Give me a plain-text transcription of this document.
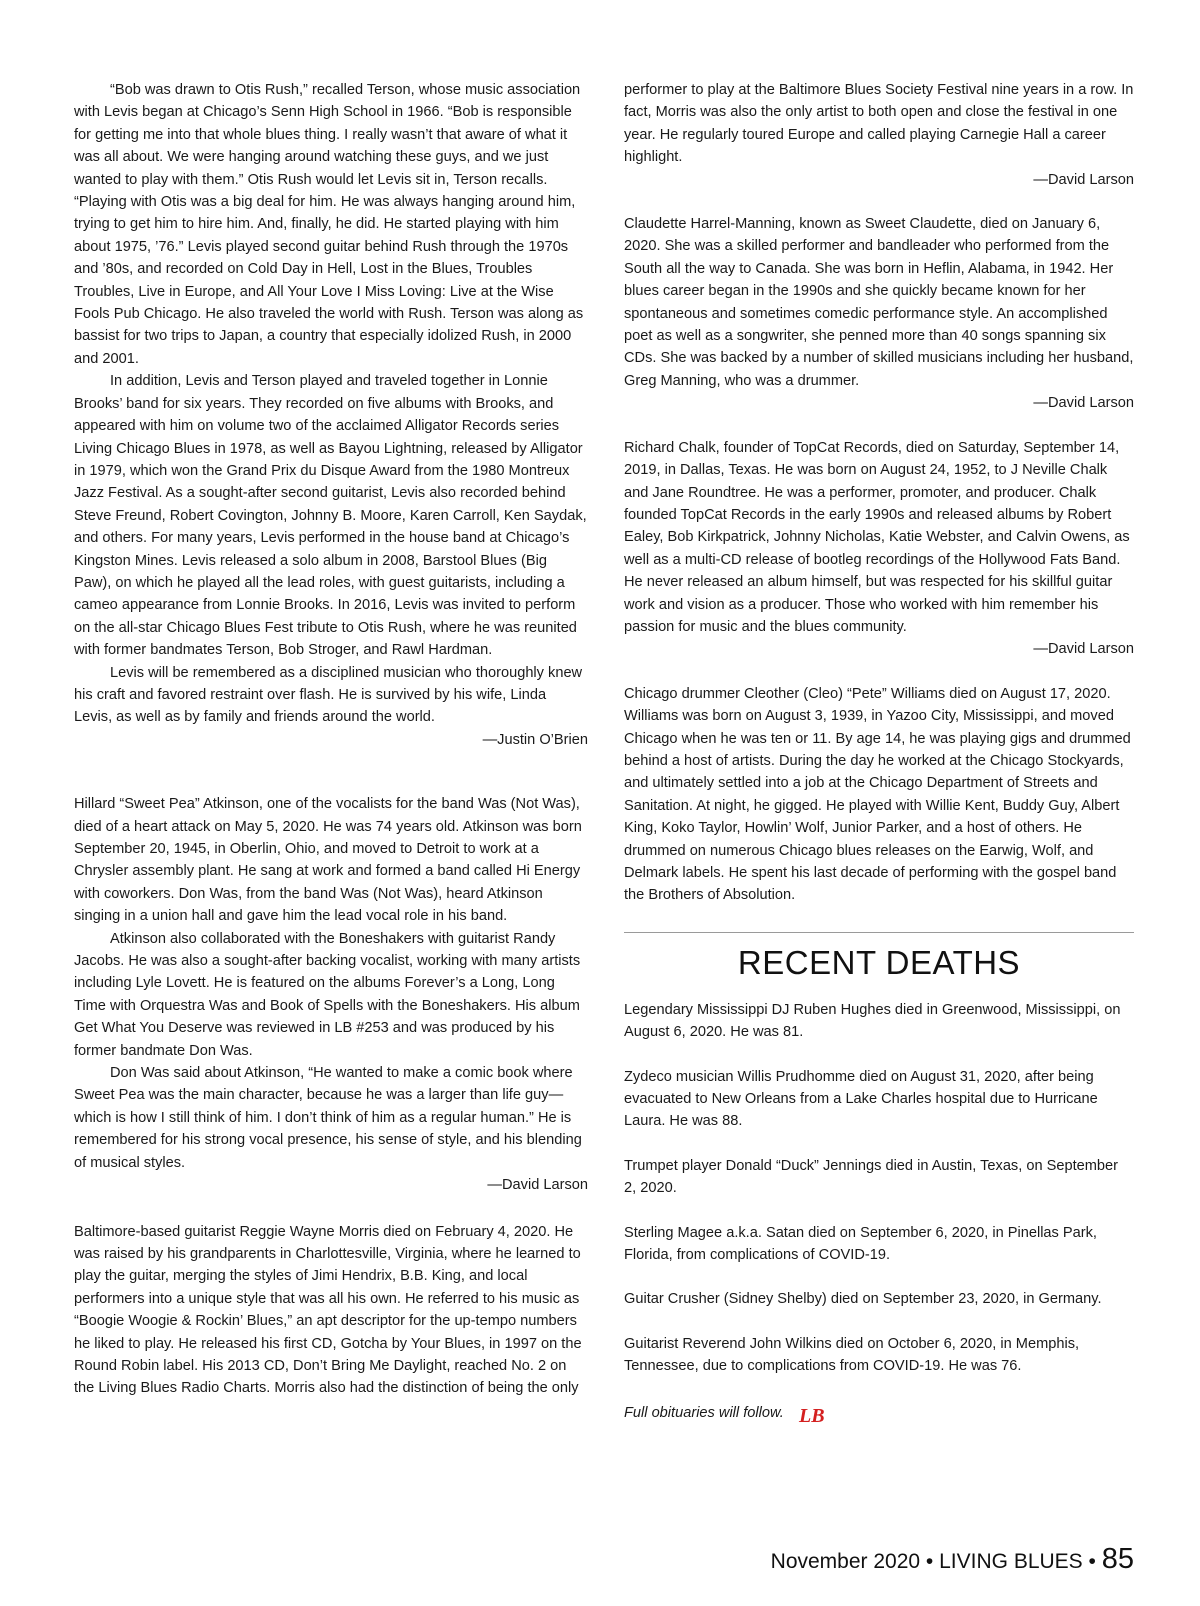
“Bob was drawn to Otis Rush,” recalled Terson, whose music association with Levis began at Chicago’s Senn High School in 1966. “Bob is responsible for getting me into that whole blues thing. I really wasn’t that aware of what it was all about. We were hanging around watching these guys, and we just wanted to play with them.” Otis Rush would let Levis sit in, Terson recalls. “Playing with Otis was a big deal for him. He was always hanging around him, trying to get him to hire him. And, finally, he did. He started playing with him about 1975, ’76.” Levis played second guitar behind Rush through the 1970s and ’80s, and recorded on Cold Day in Hell, Lost in the Blues, Troubles Troubles, Live in Europe, and All Your Love I Miss Loving: Live at the Wise Fools Pub Chicago. He also traveled the world with Rush. Terson was along as bassist for two trips to Japan, a country that especially idolized Rush, in 2000 and 2001.

In addition, Levis and Terson played and traveled together in Lonnie Brooks’ band for six years. They recorded on five albums with Brooks, and appeared with him on volume two of the acclaimed Alligator Records series Living Chicago Blues in 1978, as well as Bayou Lightning, released by Alligator in 1979, which won the Grand Prix du Disque Award from the 1980 Montreux Jazz Festival. As a sought-after second guitarist, Levis also recorded behind Steve Freund, Robert Covington, Johnny B. Moore, Karen Carroll, Ken Saydak, and others. For many years, Levis performed in the house band at Chicago’s Kingston Mines. Levis released a solo album in 2008, Barstool Blues (Big Paw), on which he played all the lead roles, with guest guitarists, including a cameo appearance from Lonnie Brooks. In 2016, Levis was invited to perform on the all-star Chicago Blues Fest tribute to Otis Rush, where he was reunited with former bandmates Terson, Bob Stroger, and Rawl Hardman.

Levis will be remembered as a disciplined musician who thoroughly knew his craft and favored restraint over flash. He is survived by his wife, Linda Levis, as well as by family and friends around the world.

—Justin O’Brien

Hillard “Sweet Pea” Atkinson, one of the vocalists for the band Was (Not Was), died of a heart attack on May 5, 2020. He was 74 years old. Atkinson was born September 20, 1945, in Oberlin, Ohio, and moved to Detroit to work at a Chrysler assembly plant. He sang at work and formed a band called Hi Energy with coworkers. Don Was, from the band Was (Not Was), heard Atkinson singing in a union hall and gave him the lead vocal role in his band.

Atkinson also collaborated with the Boneshakers with guitarist Randy Jacobs. He was also a sought-after backing vocalist, working with many artists including Lyle Lovett. He is featured on the albums Forever’s a Long, Long Time with Orquestra Was and Book of Spells with the Boneshakers. His album Get What You Deserve was reviewed in LB #253 and was produced by his former bandmate Don Was.

Don Was said about Atkinson, “He wanted to make a comic book where Sweet Pea was the main character, because he was a larger than life guy—which is how I still think of him. I don’t think of him as a regular human.” He is remembered for his strong vocal presence, his sense of style, and his blending of musical styles.

—David Larson

Baltimore-based guitarist Reggie Wayne Morris died on February 4, 2020. He was raised by his grandparents in Charlottesville, Virginia, where he learned to play the guitar, merging the styles of Jimi Hendrix, B.B. King, and local performers into a unique style that was all his own. He referred to his music as “Boogie Woogie & Rockin’ Blues,” an apt descriptor for the up-tempo numbers he liked to play. He released his first CD, Gotcha by Your Blues, in 1997 on the Round Robin label. His 2013 CD, Don’t Bring Me Daylight, reached No. 2 on the Living Blues Radio Charts. Morris also had the distinction of being the only

performer to play at the Baltimore Blues Society Festival nine years in a row. In fact, Morris was also the only artist to both open and close the festival in one year. He regularly toured Europe and called playing Carnegie Hall a career highlight.

—David Larson

Claudette Harrel-Manning, known as Sweet Claudette, died on January 6, 2020. She was a skilled performer and bandleader who performed from the South all the way to Canada. She was born in Heflin, Alabama, in 1942. Her blues career began in the 1990s and she quickly became known for her spontaneous and sometimes comedic performance style. An accomplished poet as well as a songwriter, she penned more than 40 songs spanning six CDs. She was backed by a number of skilled musicians including her husband, Greg Manning, who was a drummer.

—David Larson

Richard Chalk, founder of TopCat Records, died on Saturday, September 14, 2019, in Dallas, Texas. He was born on August 24, 1952, to J Neville Chalk and Jane Roundtree. He was a performer, promoter, and producer. Chalk founded TopCat Records in the early 1990s and released albums by Robert Ealey, Bob Kirkpatrick, Johnny Nicholas, Katie Webster, and Calvin Owens, as well as a multi-CD release of bootleg recordings of the Hollywood Fats Band. He never released an album himself, but was respected for his skillful guitar work and vision as a producer. Those who worked with him remember his passion for music and the blues community.

—David Larson

Chicago drummer Cleother (Cleo) “Pete” Williams died on August 17, 2020. Williams was born on August 3, 1939, in Yazoo City, Mississippi, and moved Chicago when he was ten or 11. By age 14, he was playing gigs and drummed behind a host of artists. During the day he worked at the Chicago Stockyards, and ultimately settled into a job at the Chicago Department of Streets and Sanitation. At night, he gigged. He played with Willie Kent, Buddy Guy, Albert King, Koko Taylor, Howlin’ Wolf, Junior Parker, and a host of others. He drummed on numerous Chicago blues releases on the Earwig, Wolf, and Delmark labels. He spent his last decade of performing with the gospel band the Brothers of Absolution.

RECENT DEATHS

Legendary Mississippi DJ Ruben Hughes died in Greenwood, Mississippi, on August 6, 2020. He was 81.

Zydeco musician Willis Prudhomme died on August 31, 2020, after being evacuated to New Orleans from a Lake Charles hospital due to Hurricane Laura. He was 88.

Trumpet player Donald “Duck” Jennings died in Austin, Texas, on September 2, 2020.

Sterling Magee a.k.a. Satan died on September 6, 2020, in Pinellas Park, Florida, from complications of COVID-19.

Guitar Crusher (Sidney Shelby) died on September 23, 2020, in Germany.

Guitarist Reverend John Wilkins died on October 6, 2020, in Memphis, Tennessee, due to complications from COVID-19. He was 76.

Full obituaries will follow. LB
November 2020 • LIVING BLUES • 85
